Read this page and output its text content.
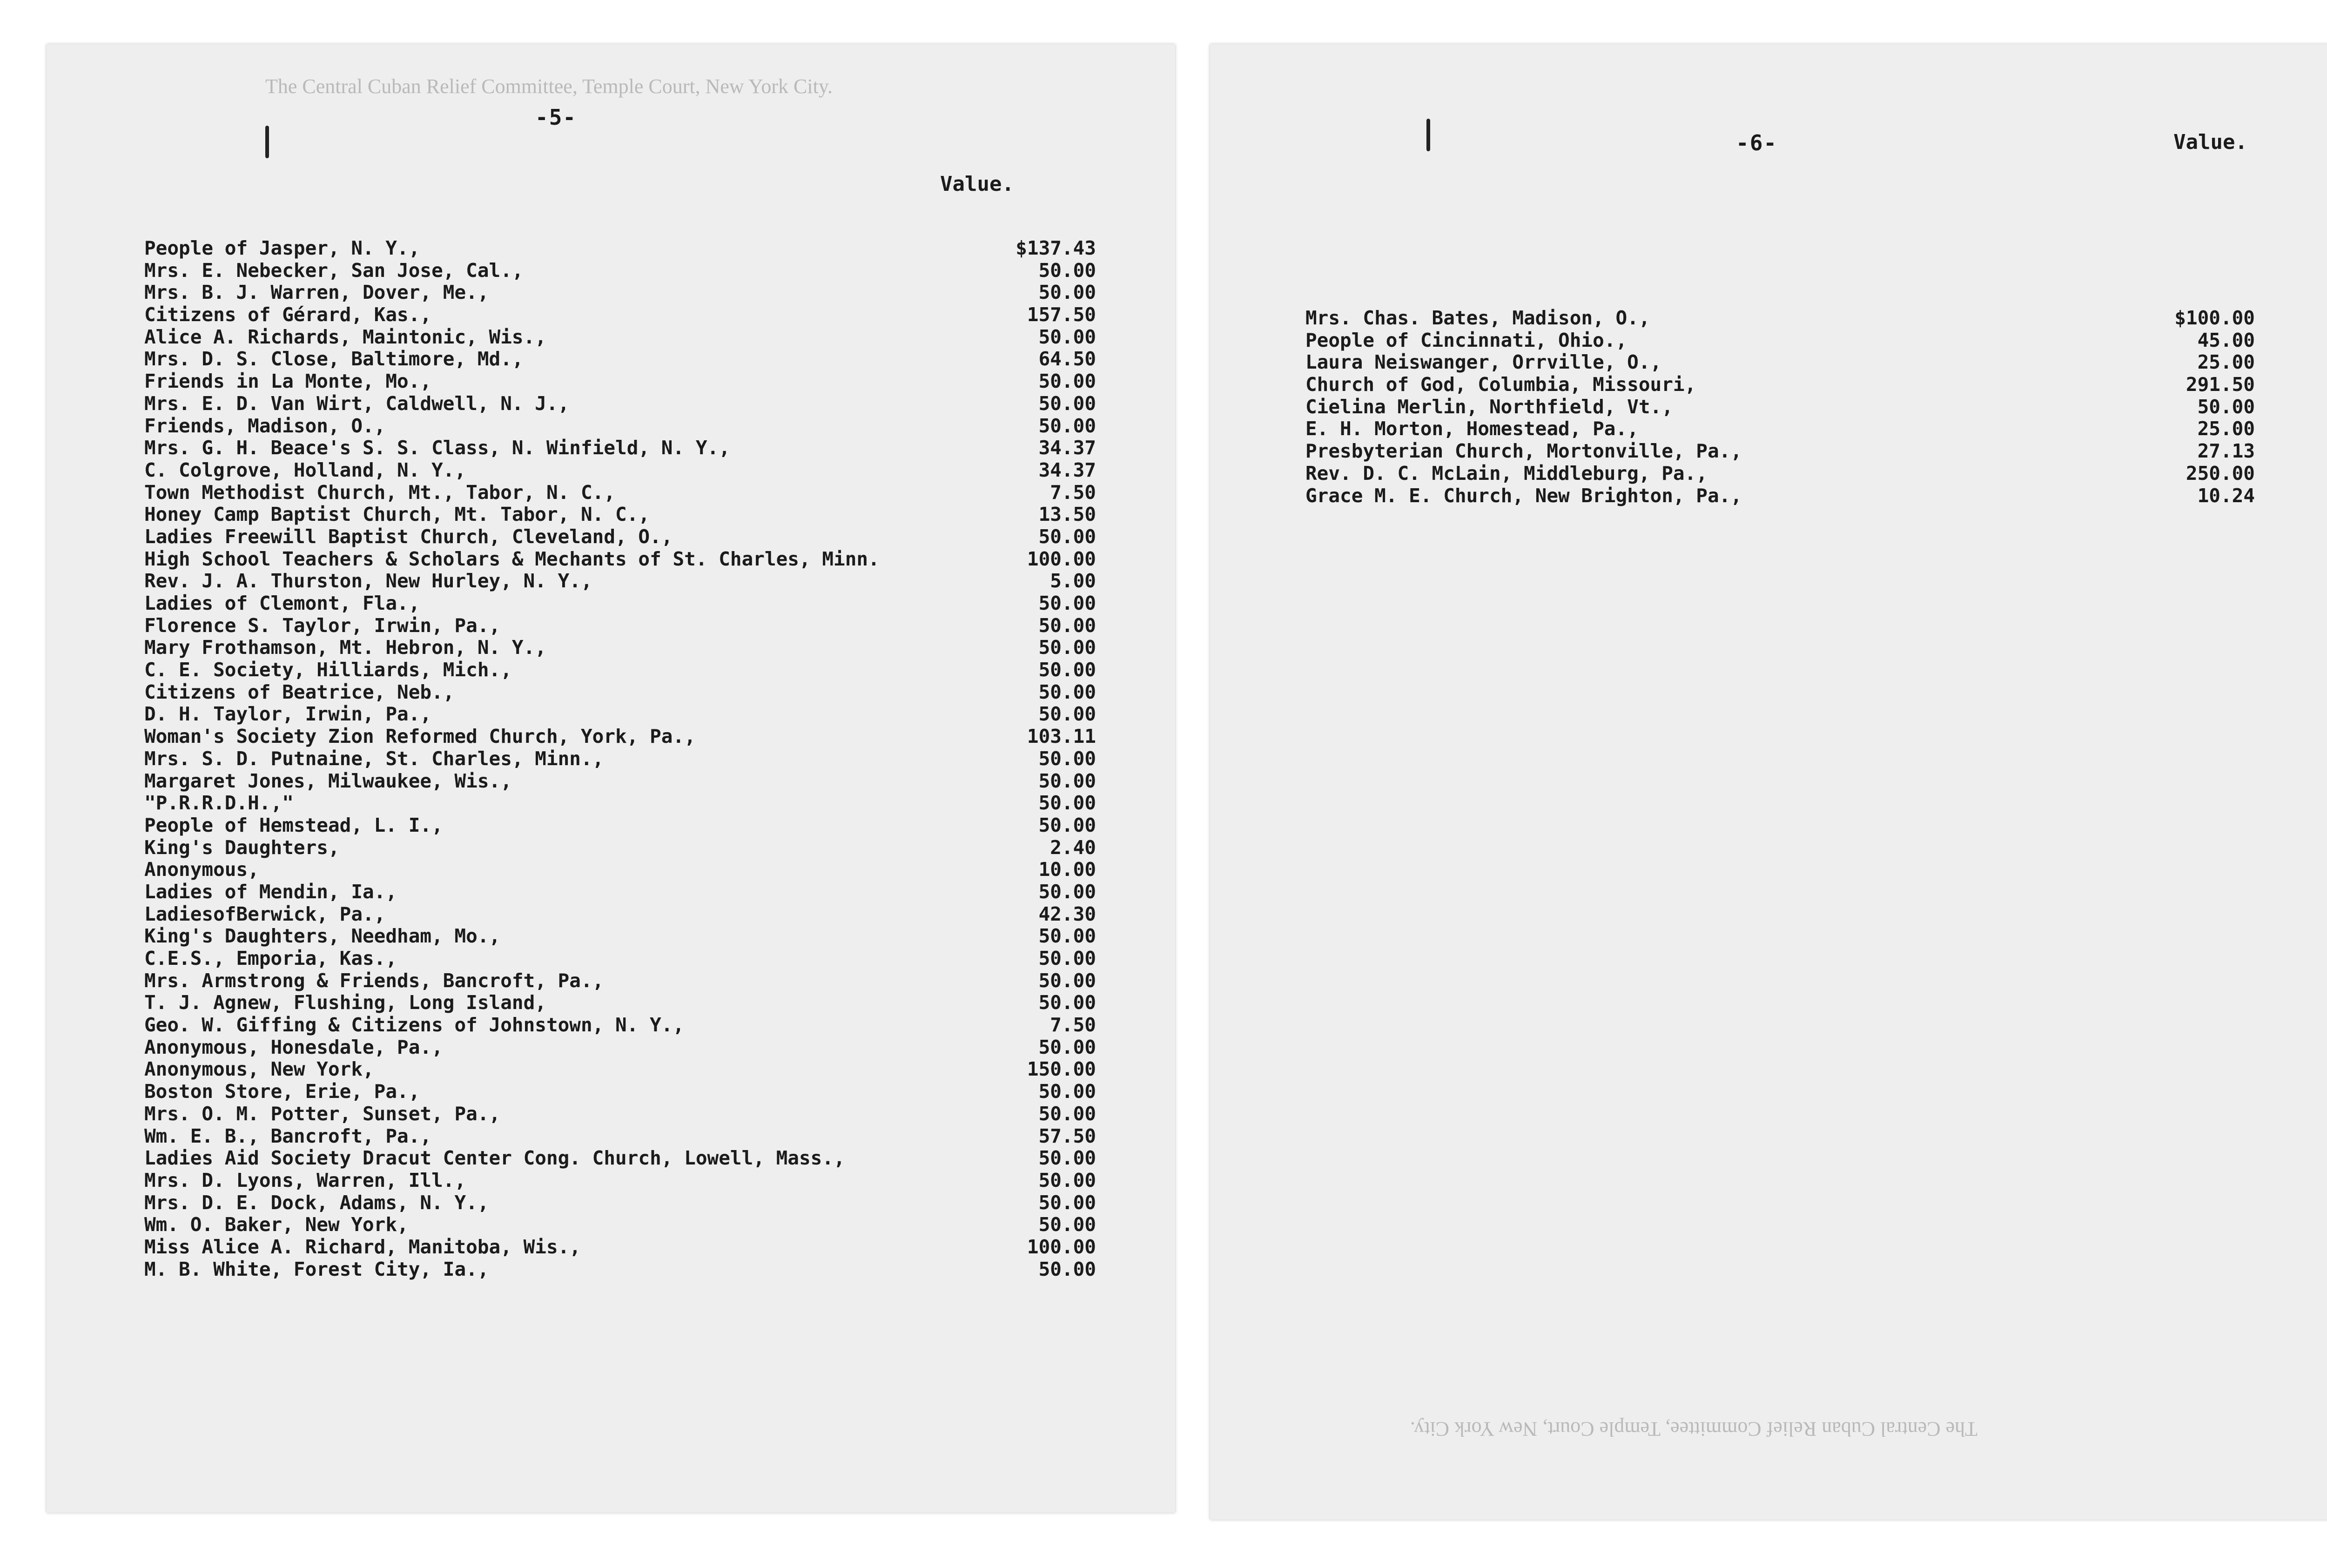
The Central Cuban Relief Committee, Temple Court, New York City.
-5-
Value.
People of Jasper, N. Y.,	$137.43
Mrs. E. Nebecker, San Jose, Cal.,	50.00
Mrs. B. J. Warren, Dover, Me.,	50.00
Citizens of Gérard, Kas.,	157.50
Alice A. Richards, Maintonic, Wis.,	50.00
Mrs. D. S. Close, Baltimore, Md.,	64.50
Friends in La Monte, Mo.,	50.00
Mrs. E. D. Van Wirt, Caldwell, N. J.,	50.00
Friends, Madison, O.,	50.00
Mrs. G. H. Beace's S. S. Class, N. Winfield, N. Y.,	34.37
C. Colgrove, Holland, N. Y.,	34.37
Town Methodist Church, Mt., Tabor, N. C.,	7.50
Honey Camp Baptist Church, Mt. Tabor, N. C.,	13.50
Ladies Freewill Baptist Church, Cleveland, O.,	50.00
High School Teachers & Scholars & Mechants of St. Charles, Minn.	100.00
Rev. J. A. Thurston, New Hurley, N. Y.,	5.00
Ladies of Clemont, Fla.,	50.00
Florence S. Taylor, Irwin, Pa.,	50.00
Mary Frothamson, Mt. Hebron, N. Y.,	50.00
C. E. Society, Hilliards, Mich.,	50.00
Citizens of Beatrice, Neb.,	50.00
D. H. Taylor, Irwin, Pa.,	50.00
Woman's Society Zion Reformed Church, York, Pa.,	103.11
Mrs. S. D. Putnaine, St. Charles, Minn.,	50.00
Margaret Jones, Milwaukee, Wis.,	50.00
"P.R.R.D.H.,"	50.00
People of Hemstead, L. I.,	50.00
King's Daughters,	2.40
Anonymous,	10.00
Ladies of Mendin, Ia.,	50.00
LadiesofBerwick, Pa.,	42.30
King's Daughters, Needham, Mo.,	50.00
C.E.S., Emporia, Kas.,	50.00
Mrs. Armstrong & Friends, Bancroft, Pa.,	50.00
T. J. Agnew, Flushing, Long Island,	50.00
Geo. W. Giffing & Citizens of Johnstown, N. Y.,	7.50
Anonymous, Honesdale, Pa.,	50.00
Anonymous, New York,	150.00
Boston Store, Erie, Pa.,	50.00
Mrs. O. M. Potter, Sunset, Pa.,	50.00
Wm. E. B., Bancroft, Pa.,	57.50
Ladies Aid Society Dracut Center Cong. Church, Lowell, Mass.,	50.00
Mrs. D. Lyons, Warren, Ill.,	50.00
Mrs. D. E. Dock, Adams, N. Y.,	50.00
Wm. O. Baker, New York,	50.00
Miss Alice A. Richard, Manitoba, Wis.,	100.00
M. B. White, Forest City, Ia.,	50.00
-6-	Value.
Mrs. Chas. Bates, Madison, O.,	$100.00
People of Cincinnati, Ohio.,	45.00
Laura Neiswanger, Orrville, O.,	25.00
Church of God, Columbia, Missouri,	291.50
Cielina Merlin, Northfield, Vt.,	50.00
E. H. Morton, Homestead, Pa.,	25.00
Presbyterian Church, Mortonville, Pa.,	27.13
Rev. D. C. McLain, Middleburg, Pa.,	250.00
Grace M. E. Church, New Brighton, Pa.,	10.24
The Central Cuban Relief Committee, Temple Court, New York City.
